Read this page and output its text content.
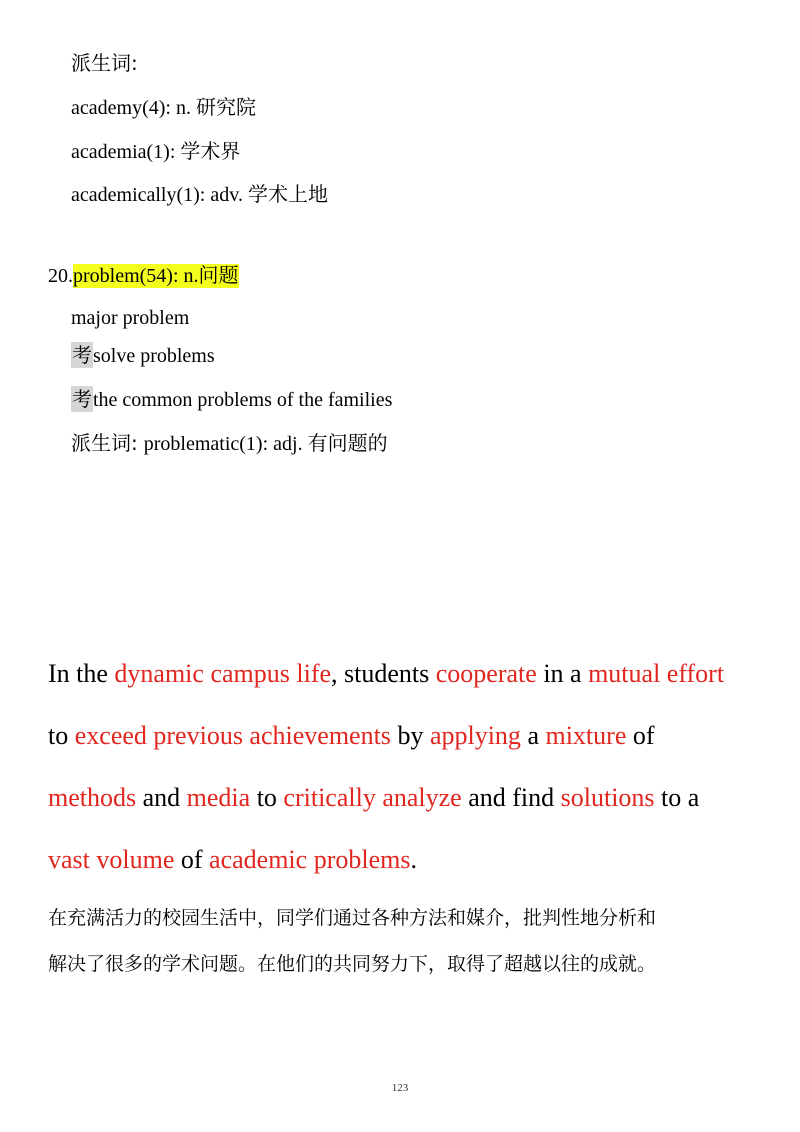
派生词:
academy(4): n. 研究院
academia(1): 学术界
academically(1): adv. 学术上地
20.problem(54): n.问题
major problem
考solve problems
考the common problems of the families
派生词: problematic(1): adj. 有问题的
In the dynamic campus life, students cooperate in a mutual effort
to exceed previous achievements by applying a mixture of
methods and media to critically analyze and find solutions to a
vast volume of academic problems.
在充满活力的校园生活中，同学们通过各种方法和媒介，批判性地分析和
解决了很多的学术问题。在他们的共同努力下，取得了超越以往的成就。
123
